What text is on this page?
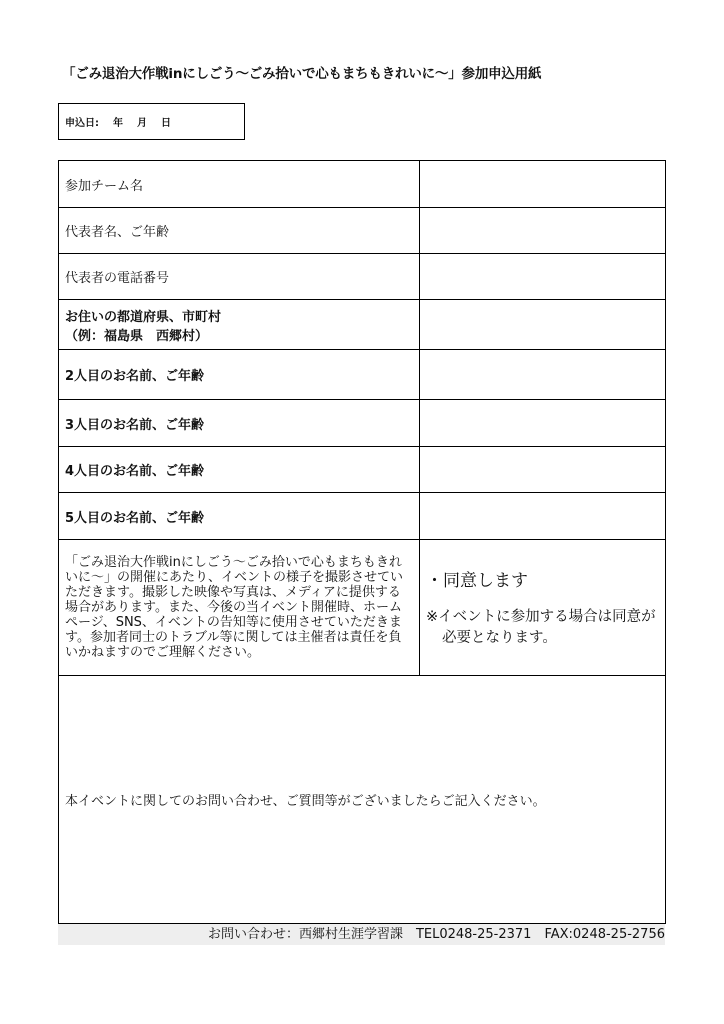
「ごみ退治大作戦inにしごう～ごみ拾いで心もまちもきれいに～」参加申込用紙
申込日: 年 月 日
参加チーム名	
代表者名、ご年齢	
代表者の電話番号	

お住いの都道府県、市町村
（例：福島県　西郷村）	

2人目のお名前、ご年齢	
3人目のお名前、ご年齢	
4人目のお名前、ご年齢	
5人目のお名前、ご年齢	
「ごみ退治大作戦inにしごう～ごみ拾いで心もまちもきれいに～」の開催にあたり、イベントの様子を撮影させていただきます。撮影した映像や写真は、メディアに提供する場合があります。また、今後の当イベント開催時、ホームページ、SNS、イベントの告知等に使用させていただきます。参加者同士のトラブル等に関しては主催者は責任を負いかねますのでご理解ください。	・同意します
※イベントに参加する場合は同意が必要となります。

本イベントに関してのお問い合わせ、ご質問等がございましたらご記入ください。	
お問い合わせ：西郷村生涯学習課　TEL0248-25-2371　FAX:0248-25-2756
